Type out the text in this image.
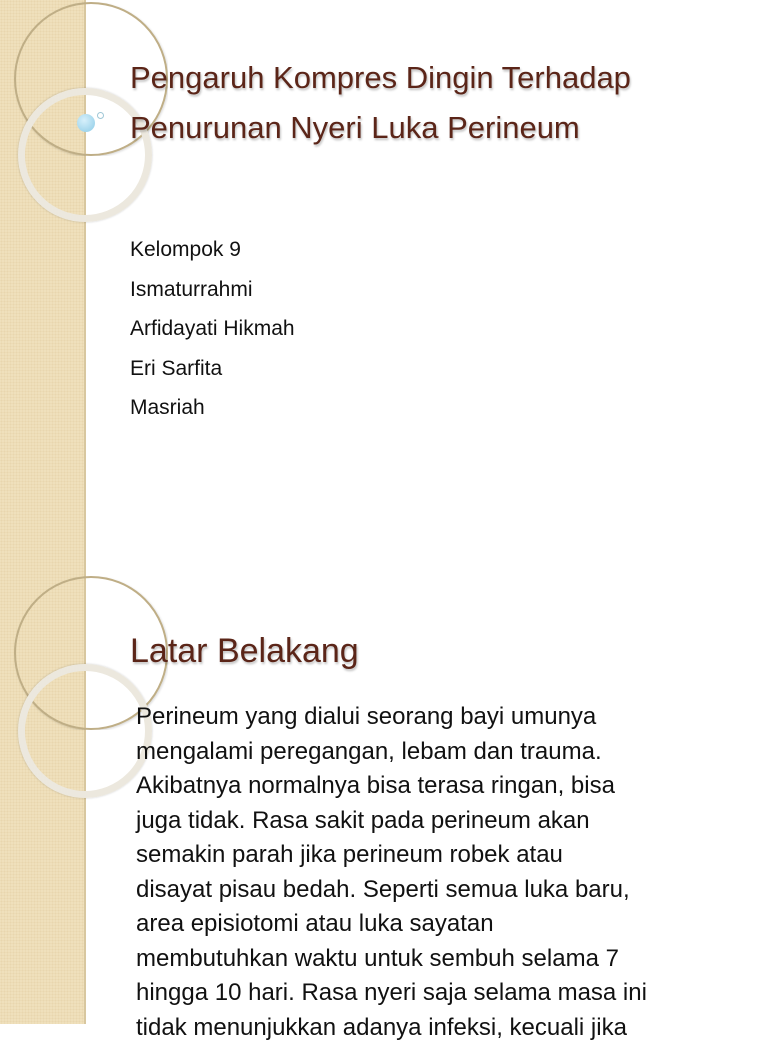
Pengaruh Kompres Dingin Terhadap
Penurunan Nyeri Luka Perineum
Kelompok 9
Ismaturrahmi
Arfidayati Hikmah
Eri Sarfita
Masriah
Latar Belakang
Perineum yang dialui seorang bayi umunya
mengalami peregangan, lebam dan trauma.
Akibatnya normalnya bisa terasa ringan, bisa
juga tidak. Rasa sakit pada perineum akan
semakin parah jika perineum robek atau
disayat pisau bedah. Seperti semua luka baru,
area episiotomi atau luka sayatan
membutuhkan waktu untuk sembuh selama 7
hingga 10 hari. Rasa nyeri saja selama masa ini
tidak menunjukkan adanya infeksi, kecuali jika
